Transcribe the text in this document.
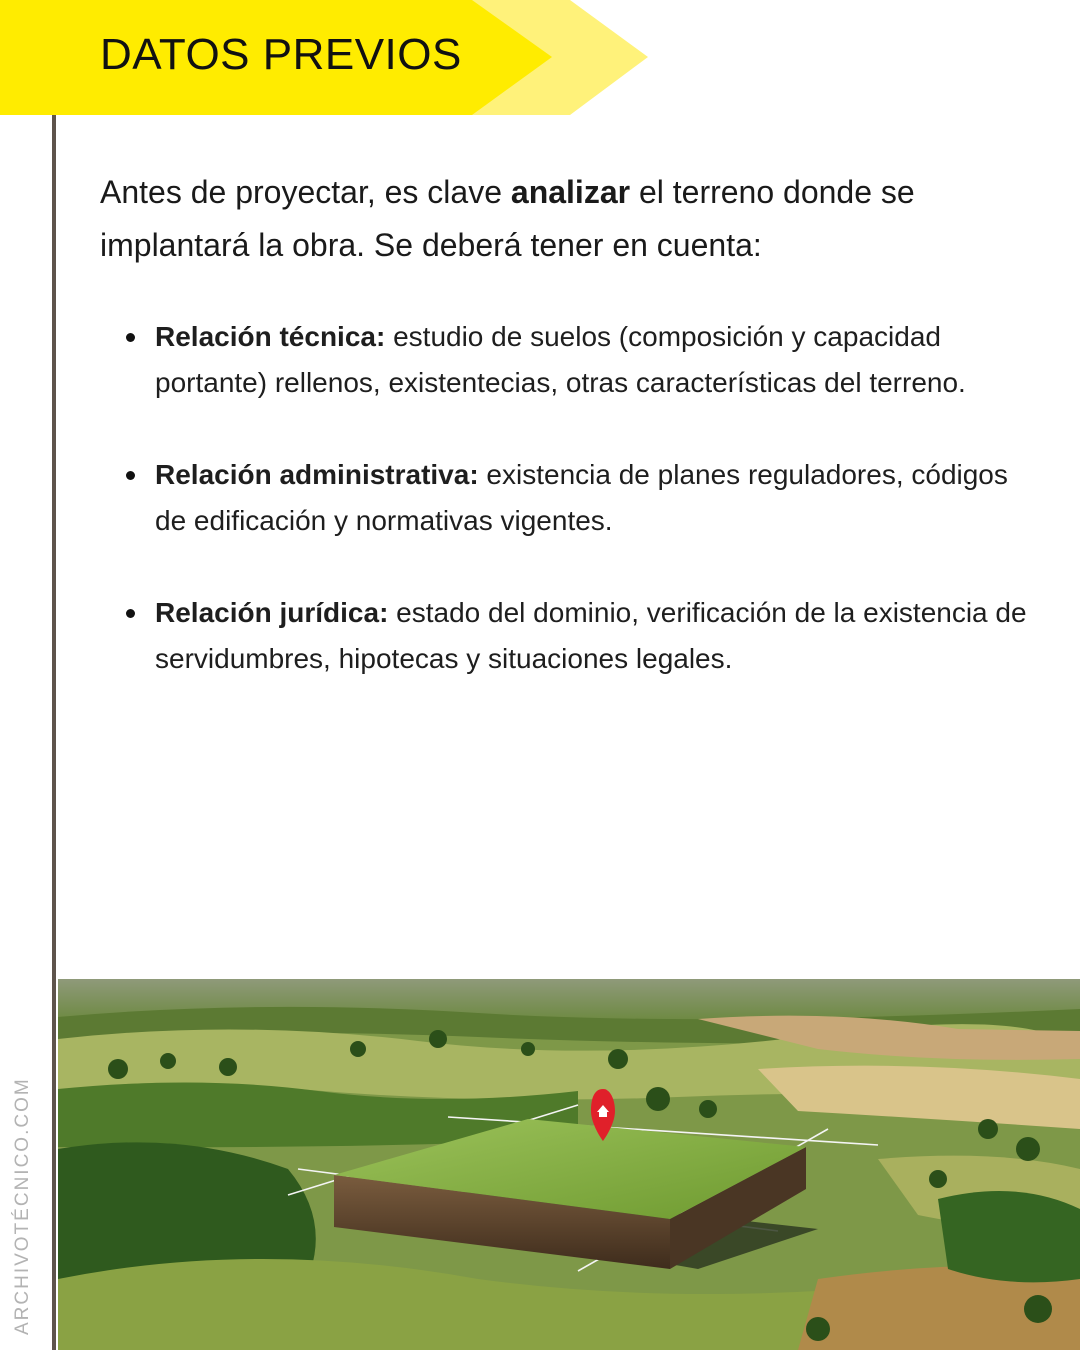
DATOS PREVIOS

ARCHIVOTÉCNICO.COM

Antes de proyectar, es clave analizar el terreno donde se implantará la obra. Se deberá tener en cuenta:

Relación técnica: estudio de suelos (composición y capacidad portante) rellenos, existentecias, otras características del terreno.
Relación administrativa: existencia de planes reguladores, códigos de edificación y normativas vigentes.
Relación jurídica: estado del dominio, verificación de la existencia de servidumbres, hipotecas y situaciones legales.
